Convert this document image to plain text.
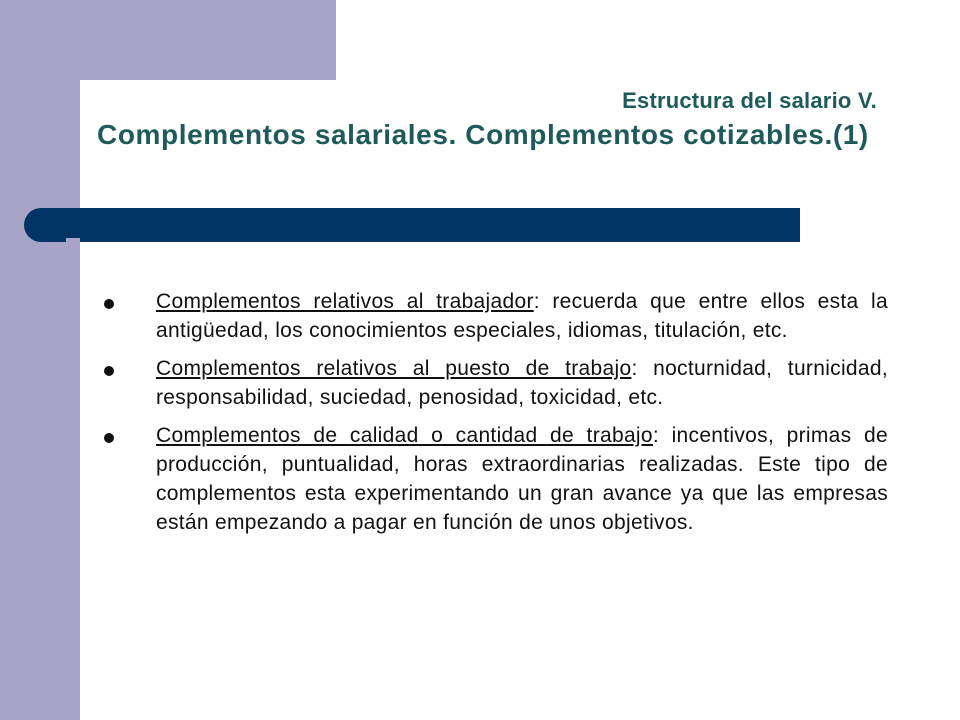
Estructura del salario V.
Complementos salariales. Complementos cotizables.(1)
Complementos relativos al trabajador: recuerda que entre ellos esta la antigüedad, los conocimientos especiales, idiomas, titulación, etc.
Complementos relativos al puesto de trabajo: nocturnidad, turnicidad, responsabilidad, suciedad, penosidad, toxicidad, etc.
Complementos de calidad o cantidad de trabajo: incentivos, primas de producción, puntualidad, horas extraordinarias realizadas. Este tipo de complementos esta experimentando un gran avance ya que las empresas están empezando a pagar en función de unos objetivos.
